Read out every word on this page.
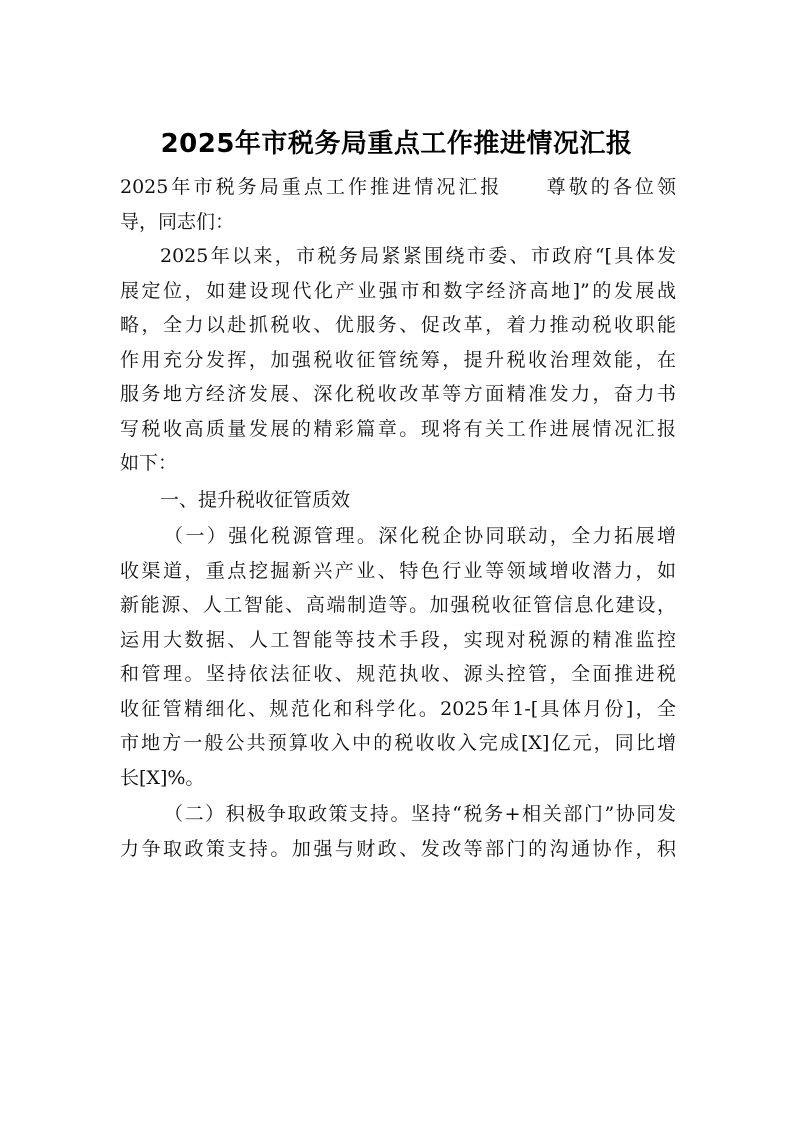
2025年市税务局重点工作推进情况汇报
2025年市税务局重点工作推进情况汇报　　尊敬的各位领
导，同志们：
2025年以来，市税务局紧紧围绕市委、市政府“[具体发
展定位，如建设现代化产业强市和数字经济高地]”的发展战
略，全力以赴抓税收、优服务、促改革，着力推动税收职能
作用充分发挥，加强税收征管统筹，提升税收治理效能，在
服务地方经济发展、深化税收改革等方面精准发力，奋力书
写税收高质量发展的精彩篇章。现将有关工作进展情况汇报
如下：
一、提升税收征管质效
（一）强化税源管理。深化税企协同联动，全力拓展增
收渠道，重点挖掘新兴产业、特色行业等领域增收潜力，如
新能源、人工智能、高端制造等。加强税收征管信息化建设，
运用大数据、人工智能等技术手段，实现对税源的精准监控
和管理。坚持依法征收、规范执收、源头控管，全面推进税
收征管精细化、规范化和科学化。2025年1-[具体月份]，全
市地方一般公共预算收入中的税收收入完成[X]亿元，同比增
长[X]%。
（二）积极争取政策支持。坚持“税务+相关部门”协同发
力争取政策支持。加强与财政、发改等部门的沟通协作，积
